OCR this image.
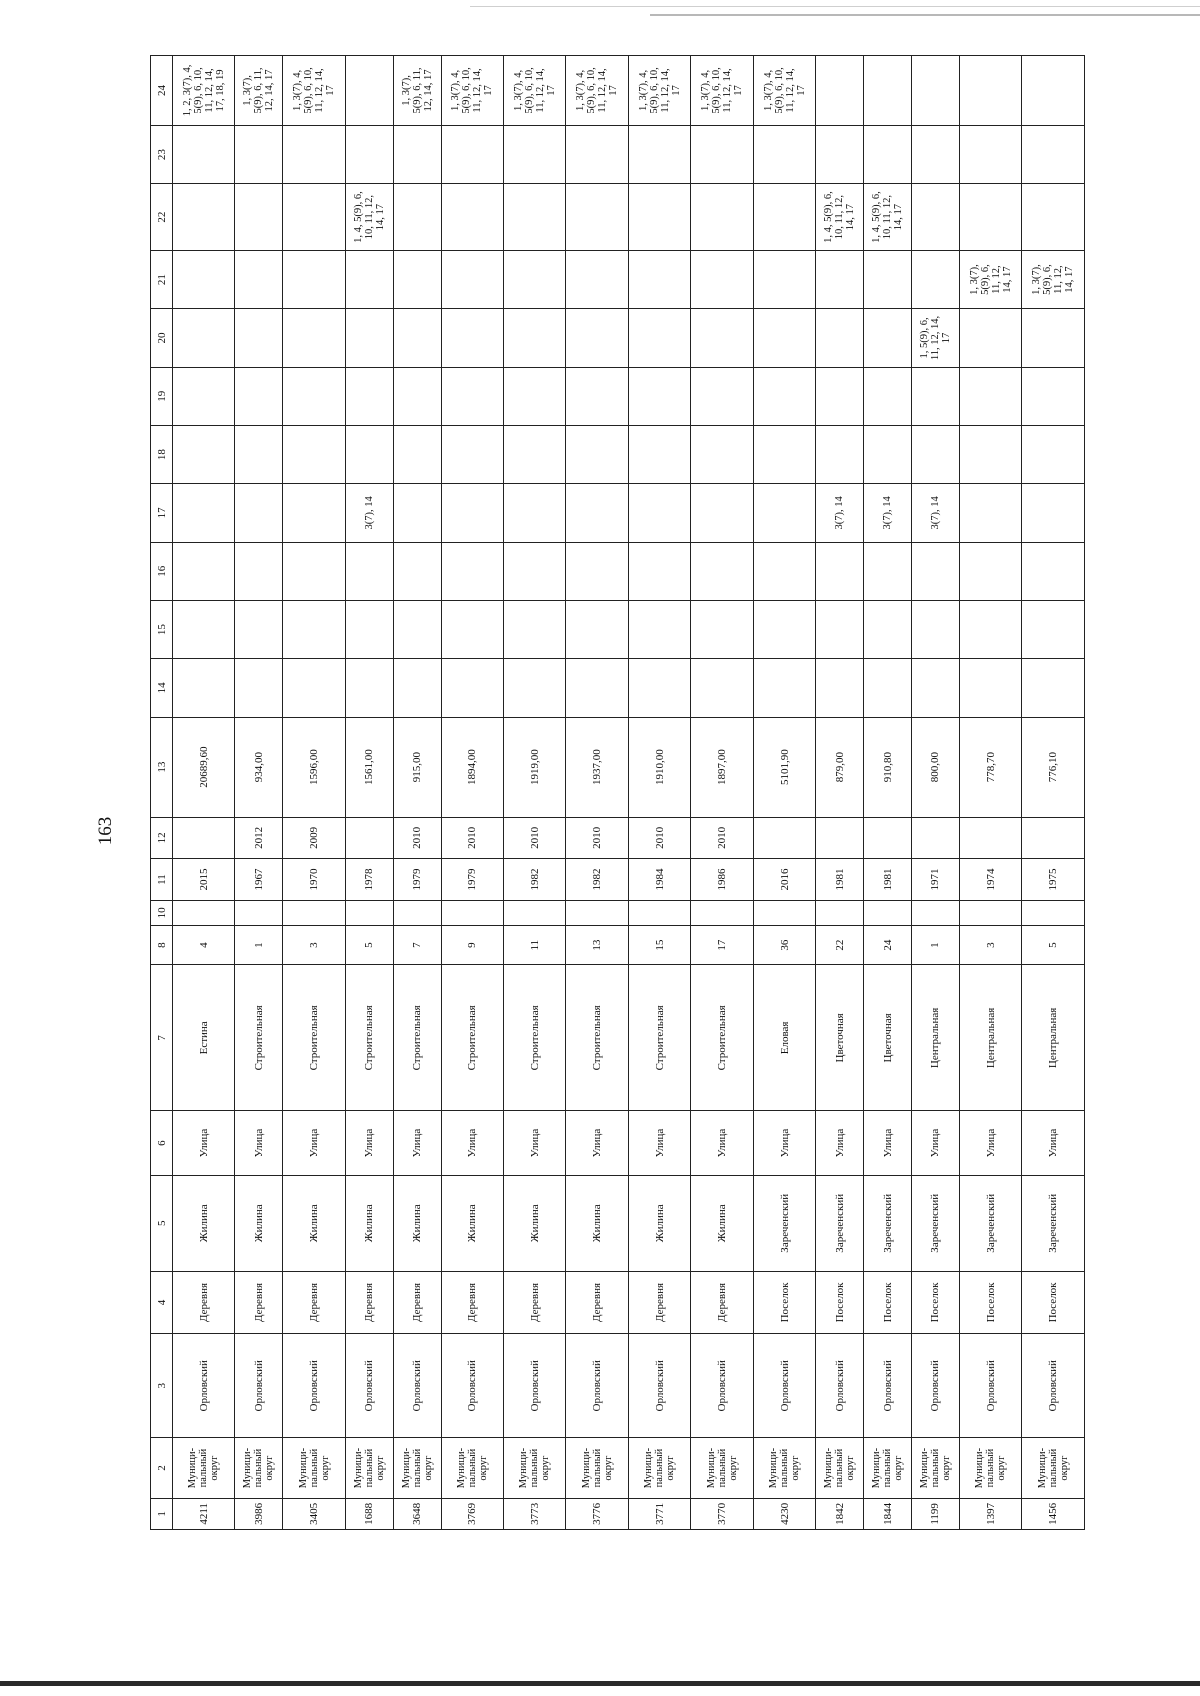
163
1	2	3	4	5	6	7	8	10	11	12	13	14	15	16	17	18	19	20	21	22	23	24
4211	Муници-
пальный
округ	Орловский	Деревня	Жилина	Улица	Естина	4		2015		20689,60											1, 2, 3(7), 4,
5(9), 6, 10,
11, 12, 14,
17, 18, 19
3986	Муници-
пальный
округ	Орловский	Деревня	Жилина	Улица	Строительная	1		1967	2012	934,00											1, 3(7),
5(9), 6, 11,
12, 14, 17
3405	Муници-
пальный
округ	Орловский	Деревня	Жилина	Улица	Строительная	3		1970	2009	1596,00											1, 3(7), 4,
5(9), 6, 10,
11, 12, 14,
17
1688	Муници-
пальный
округ	Орловский	Деревня	Жилина	Улица	Строительная	5		1978		1561,00				3(7), 14					1, 4, 5(9), 6,
10, 11, 12,
14, 17		
3648	Муници-
пальный
округ	Орловский	Деревня	Жилина	Улица	Строительная	7		1979	2010	915,00											1, 3(7),
5(9), 6, 11,
12, 14, 17
3769	Муници-
пальный
округ	Орловский	Деревня	Жилина	Улица	Строительная	9		1979	2010	1894,00											1, 3(7), 4,
5(9), 6, 10,
11, 12, 14,
17
3773	Муници-
пальный
округ	Орловский	Деревня	Жилина	Улица	Строительная	11		1982	2010	1919,00											1, 3(7), 4,
5(9), 6, 10,
11, 12, 14,
17
3776	Муници-
пальный
округ	Орловский	Деревня	Жилина	Улица	Строительная	13		1982	2010	1937,00											1, 3(7), 4,
5(9), 6, 10,
11, 12, 14,
17
3771	Муници-
пальный
округ	Орловский	Деревня	Жилина	Улица	Строительная	15		1984	2010	1910,00											1, 3(7), 4,
5(9), 6, 10,
11, 12, 14,
17
3770	Муници-
пальный
округ	Орловский	Деревня	Жилина	Улица	Строительная	17		1986	2010	1897,00											1, 3(7), 4,
5(9), 6, 10,
11, 12, 14,
17
4230	Муници-
пальный
округ	Орловский	Поселок	Зареченский	Улица	Еловая	36		2016		5101,90											1, 3(7), 4,
5(9), 6, 10,
11, 12, 14,
17
1842	Муници-
пальный
округ	Орловский	Поселок	Зареченский	Улица	Цветочная	22		1981		879,00				3(7), 14					1, 4, 5(9), 6,
10, 11, 12,
14, 17		
1844	Муници-
пальный
округ	Орловский	Поселок	Зареченский	Улица	Цветочная	24		1981		910,80				3(7), 14					1, 4, 5(9), 6,
10, 11, 12,
14, 17		
1199	Муници-
пальный
округ	Орловский	Поселок	Зареченский	Улица	Центральная	1		1971		800,00				3(7), 14			1, 5(9), 6,
11, 12, 14,
17				
1397	Муници-
пальный
округ	Орловский	Поселок	Зареченский	Улица	Центральная	3		1974		778,70								1, 3(7),
5(9), 6,
11, 12,
14, 17			
1456	Муници-
пальный
округ	Орловский	Поселок	Зареченский	Улица	Центральная	5		1975		776,10								1, 3(7),
5(9), 6,
11, 12,
14, 17			
